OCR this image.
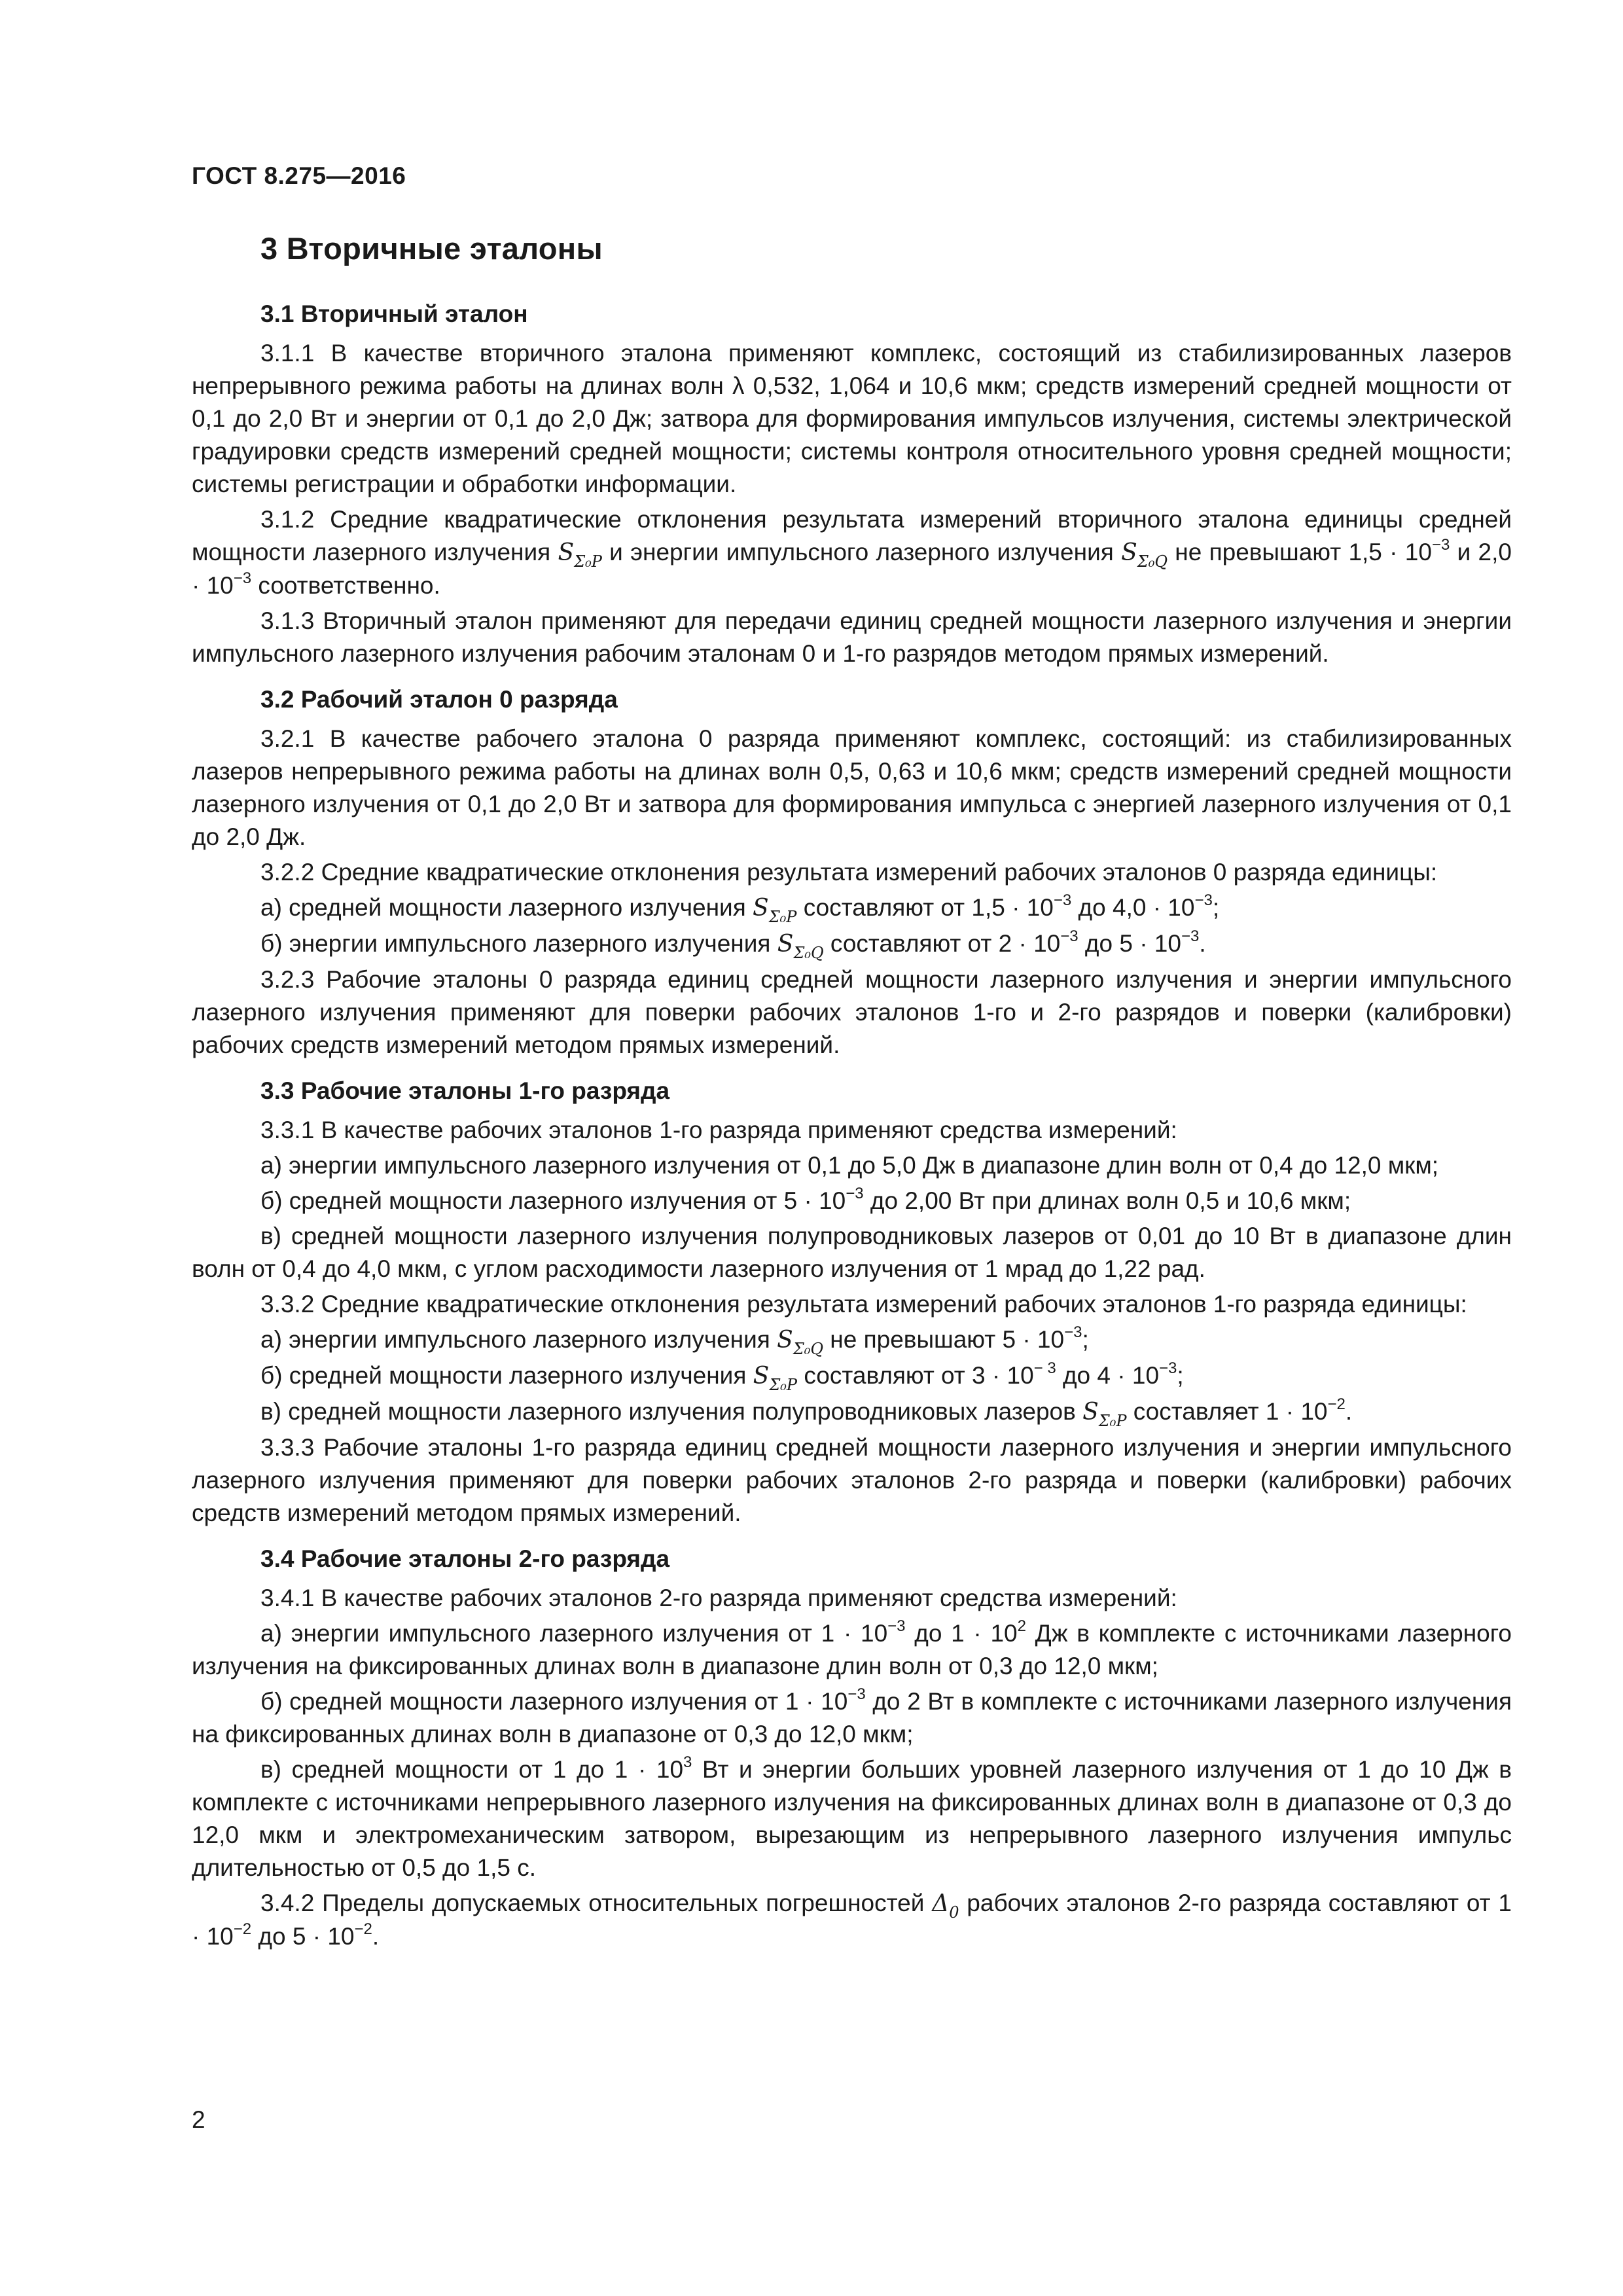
ГОСТ 8.275—2016
3 Вторичные эталоны
3.1 Вторичный эталон

3.1.1 В качестве вторичного эталона применяют комплекс, состоящий из стабилизированных лазеров непрерывного режима работы на длинах волн λ 0,532, 1,064 и 10,6 мкм; средств измерений средней мощности от 0,1 до 2,0 Вт и энергии от 0,1 до 2,0 Дж; затвора для формирования импульсов излучения, системы электрической градуировки средств измерений средней мощности; системы контроля относительного уровня средней мощности; системы регистрации и обработки информации.

3.1.2 Средние квадратические отклонения результата измерений вторичного эталона единицы средней мощности лазерного излучения $S_{\Sigma_0P}$ и энергии импульсного лазерного излучения $S_{\Sigma_0Q}$ не превышают $1,5 \cdot 10^{-3}$ и $2,0 \cdot 10^{-3}$ соответственно.

3.1.3 Вторичный эталон применяют для передачи единиц средней мощности лазерного излучения и энергии импульсного лазерного излучения рабочим эталонам 0 и 1-го разрядов методом прямых измерений.

3.2 Рабочий эталон 0 разряда

3.2.1 В качестве рабочего эталона 0 разряда применяют комплекс, состоящий: из стабилизированных лазеров непрерывного режима работы на длинах волн 0,5, 0,63 и 10,6 мкм; средств измерений средней мощности лазерного излучения от 0,1 до 2,0 Вт и затвора для формирования импульса с энергией лазерного излучения от 0,1 до 2,0 Дж.

3.2.2 Средние квадратические отклонения результата измерений рабочих эталонов 0 разряда единицы:

а) средней мощности лазерного излучения $S_{\Sigma_0P}$ составляют от $1,5 \cdot 10^{-3}$ до $4,0 \cdot 10^{-3}$;

б) энергии импульсного лазерного излучения $S_{\Sigma_0Q}$ составляют от $2 \cdot 10^{-3}$ до $5 \cdot 10^{-3}$.

3.2.3 Рабочие эталоны 0 разряда единиц средней мощности лазерного излучения и энергии импульсного лазерного излучения применяют для поверки рабочих эталонов 1-го и 2-го разрядов и поверки (калибровки) рабочих средств измерений методом прямых измерений.

3.3 Рабочие эталоны 1-го разряда

3.3.1 В качестве рабочих эталонов 1-го разряда применяют средства измерений:

а) энергии импульсного лазерного излучения от 0,1 до 5,0 Дж в диапазоне длин волн от 0,4 до 12,0 мкм;

б) средней мощности лазерного излучения от $5 \cdot 10^{-3}$ до 2,00 Вт при длинах волн 0,5 и 10,6 мкм;

в) средней мощности лазерного излучения полупроводниковых лазеров от 0,01 до 10 Вт в диапазоне длин волн от 0,4 до 4,0 мкм, с углом расходимости лазерного излучения от 1 мрад до 1,22 рад.

3.3.2 Средние квадратические отклонения результата измерений рабочих эталонов 1-го разряда единицы:

а) энергии импульсного лазерного излучения $S_{\Sigma_0Q}$ не превышают $5 \cdot 10^{-3}$;

б) средней мощности лазерного излучения $S_{\Sigma_0P}$ составляют от $3 \cdot 10^{- 3}$ до $4 \cdot 10^{-3}$;

в) средней мощности лазерного излучения полупроводниковых лазеров $S_{\Sigma_0P}$ составляет $1 \cdot 10^{-2}$.

3.3.3 Рабочие эталоны 1-го разряда единиц средней мощности лазерного излучения и энергии импульсного лазерного излучения применяют для поверки рабочих эталонов 2-го разряда и поверки (калибровки) рабочих средств измерений методом прямых измерений.

3.4 Рабочие эталоны 2-го разряда

3.4.1 В качестве рабочих эталонов 2-го разряда применяют средства измерений:

а) энергии импульсного лазерного излучения от $1 \cdot 10^{-3}$ до $1 \cdot 10^2$ Дж в комплекте с источниками лазерного излучения на фиксированных длинах волн в диапазоне длин волн от 0,3 до 12,0 мкм;

б) средней мощности лазерного излучения от $1 \cdot 10^{-3}$ до 2 Вт в комплекте с источниками лазерного излучения на фиксированных длинах волн в диапазоне от 0,3 до 12,0 мкм;

в) средней мощности от 1 до $1 \cdot 10^3$ Вт и энергии больших уровней лазерного излучения от 1 до 10 Дж в комплекте с источниками непрерывного лазерного излучения на фиксированных длинах волн в диапазоне от 0,3 до 12,0 мкм и электромеханическим затвором, вырезающим из непрерывного лазерного излучения импульс длительностью от 0,5 до 1,5 с.

3.4.2 Пределы допускаемых относительных погрешностей $\Delta_0$ рабочих эталонов 2-го разряда составляют от $1 \cdot 10^{-2}$ до $5 \cdot 10^{-2}$.

2
